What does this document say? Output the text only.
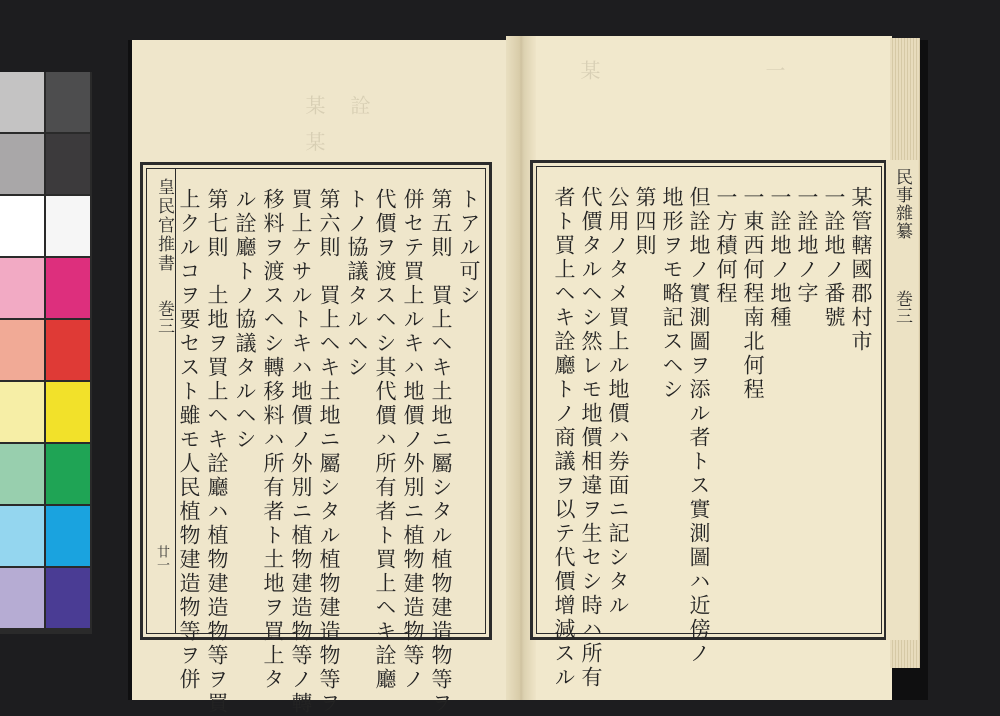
某 某 詮
某	一
皇民官推書
巻三
廿一
トアル可シ
第五則　買上ヘキ土地ニ屬シタル植物建造物等ヲ
併セテ買上ルキハ地價ノ外別ニ植物建造物等ノ
代價ヲ渡スヘシ其代價ハ所有者ト買上ヘキ詮廳
トノ協議タルヘシ
第六則　買上ヘキ土地ニ屬シタル植物建造物等ヲ
買上ケサルトキハ地價ノ外別ニ植物建造物等ノ轉
移料ヲ渡スヘシ轉移料ハ所有者ト土地ヲ買上タ
ル詮廳トノ協議タルヘシ
第七則　土地ヲ買上ヘキ詮廳ハ植物建造物等ヲ買
上クルコヲ要セスト雖モ人民植物建造物等ヲ併	民事雜纂
巻三
某管轄國郡村市
一詮地ノ番號
一詮地ノ字
一詮地ノ地種
一東西何程南北何程
一方積何程
但詮地ノ實測圖ヲ添ル者トス實測圖ハ近傍ノ
地形ヲモ略記スヘシ
第四則
公用ノタメ買上ル地價ハ券面ニ記シタル
代價タルヘシ然レモ地價相違ヲ生セシ時ハ所有
者ト買上ヘキ詮廳トノ商議ヲ以テ代價增減スル
